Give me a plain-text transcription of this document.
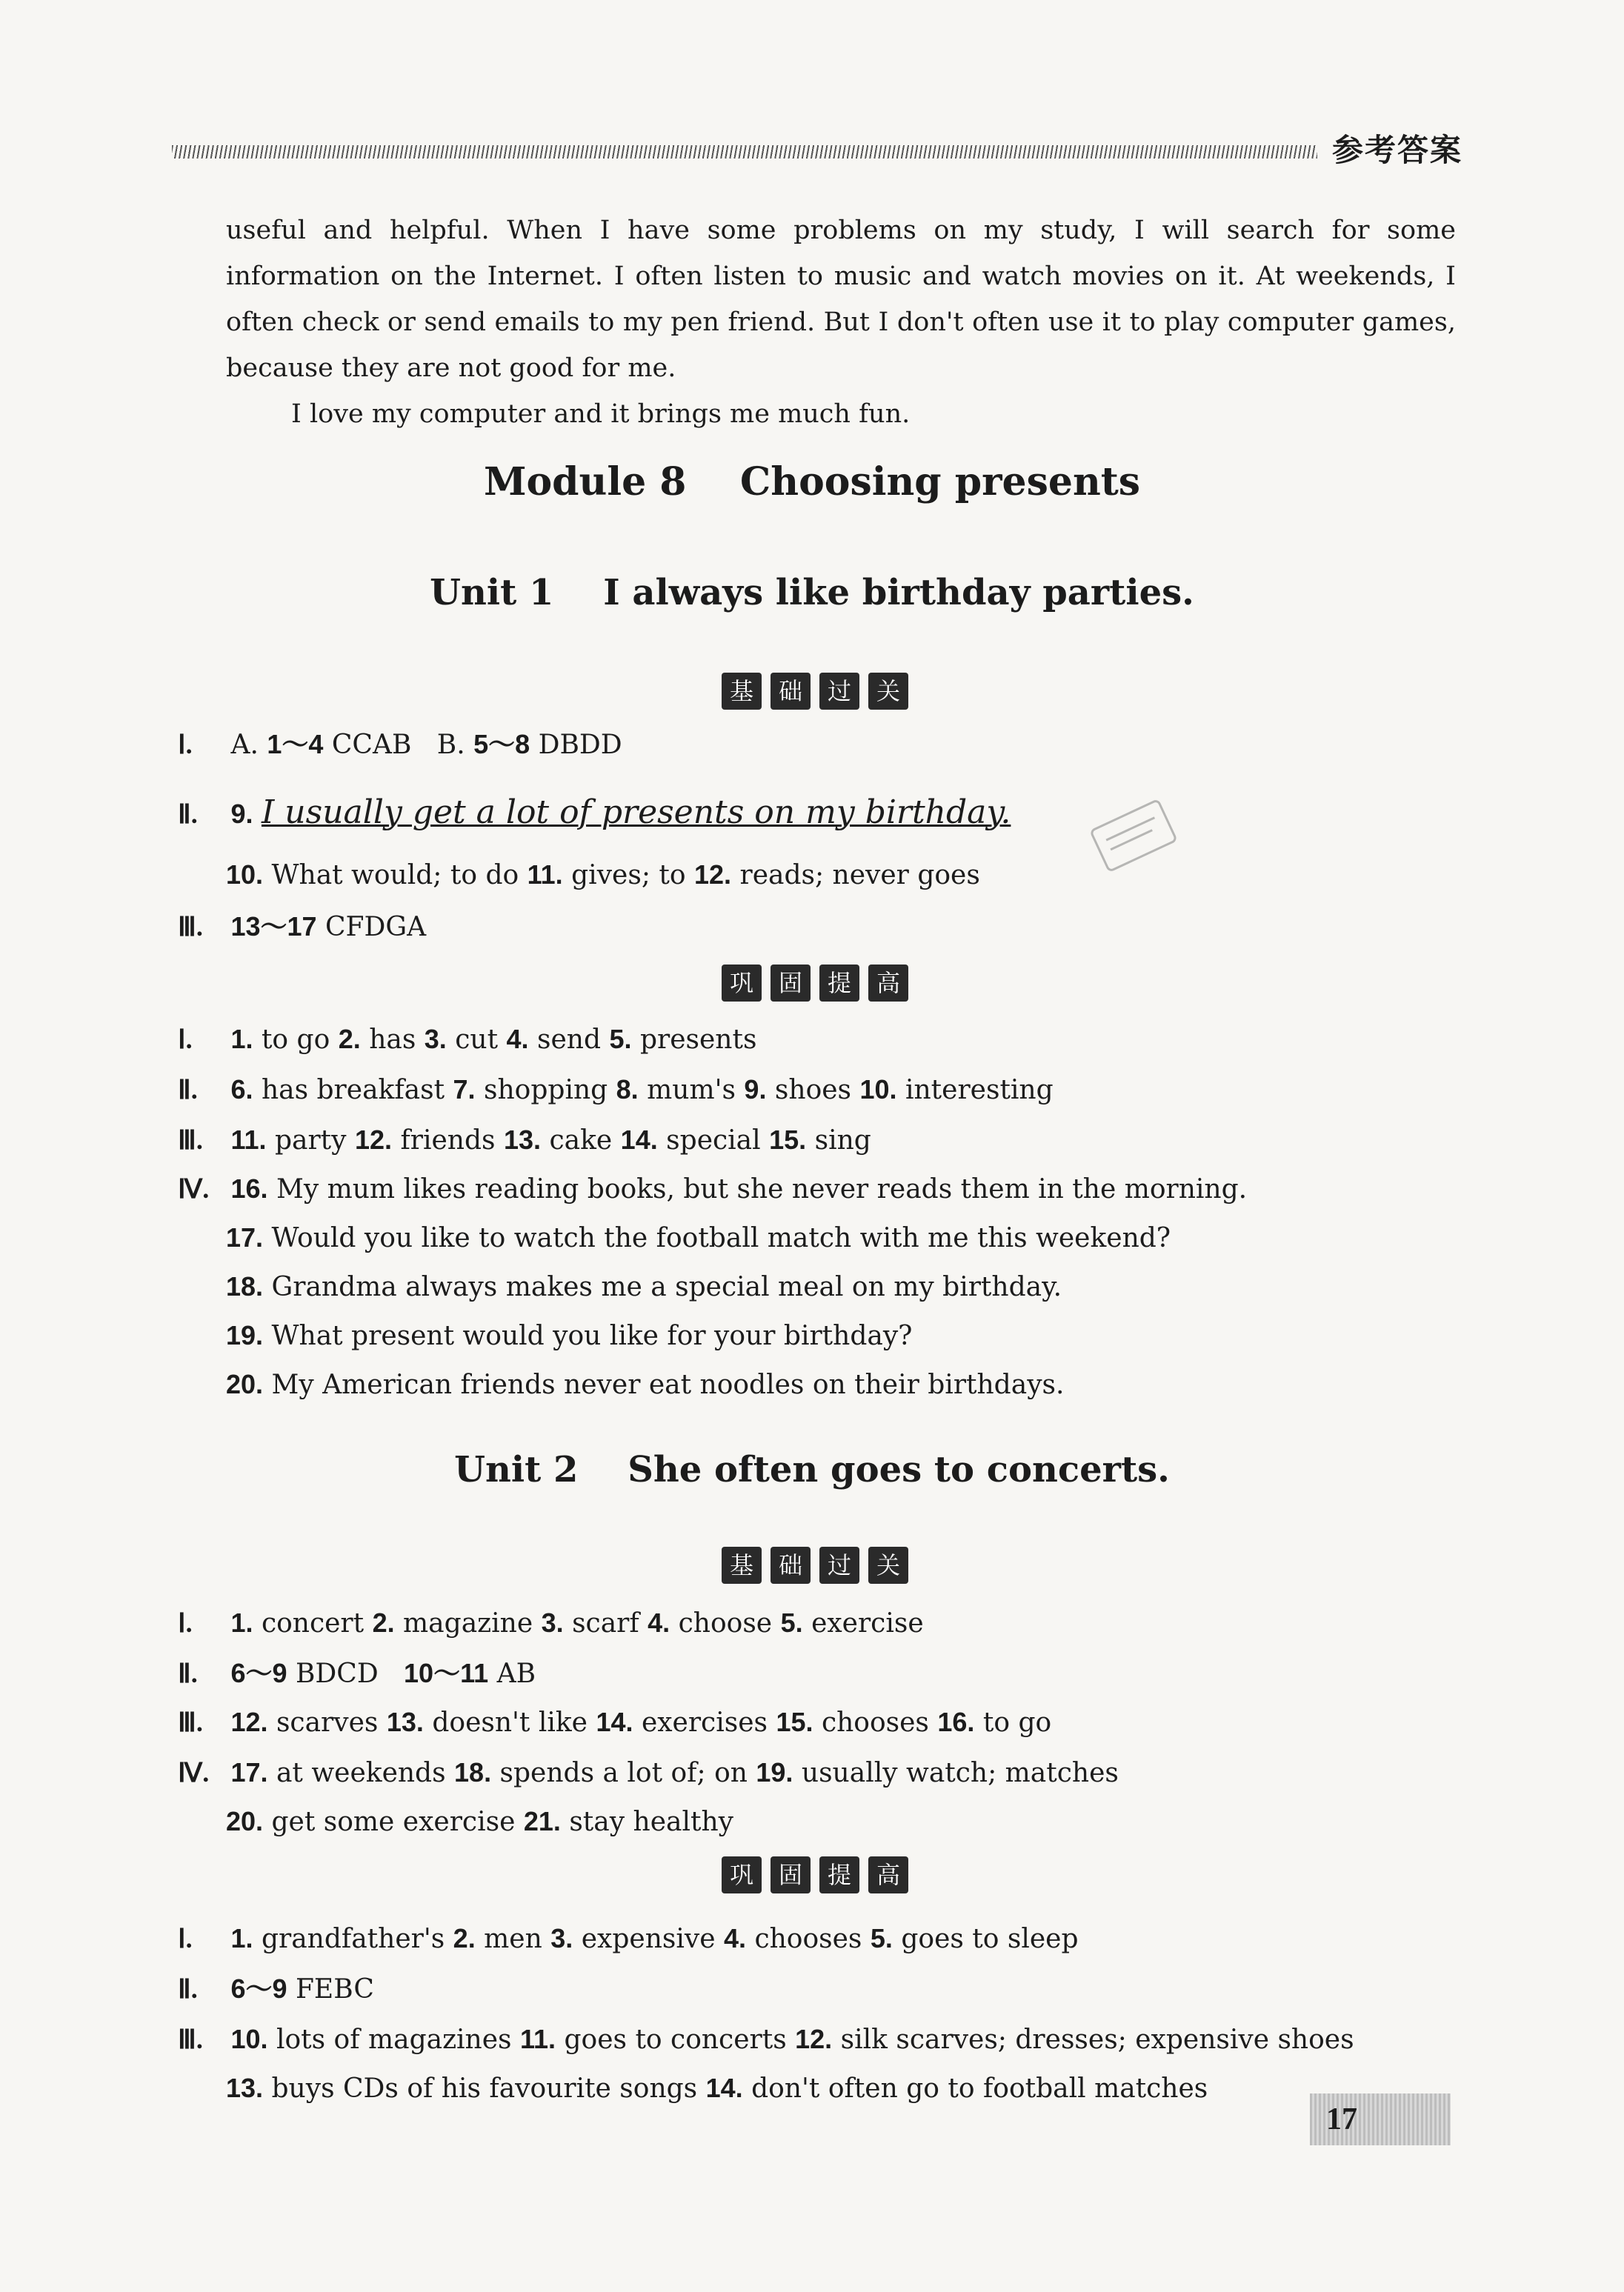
参考答案
useful and helpful. When I have some problems on my study, I will search for some information on the Internet. I often listen to music and watch movies on it. At weekends, I often check or send emails to my pen friend. But I don't often use it to play computer games, because they are not good for me.
I love my computer and it brings me much fun.
Module 8    Choosing presents
Unit 1    I always like birthday parties.
基	础	过	关
Ⅰ. A. 1～4 CCAB B. 5～8 DBDD
Ⅱ. 9. I usually get a lot of presents on my birthday.
10. What would; to do 11. gives; to 12. reads; never goes
Ⅲ. 13～17 CFDGA
巩	固	提	高
Ⅰ. 1. to go 2. has 3. cut 4. send 5. presents
Ⅱ. 6. has breakfast 7. shopping 8. mum's 9. shoes 10. interesting
Ⅲ. 11. party 12. friends 13. cake 14. special 15. sing
Ⅳ. 16. My mum likes reading books, but she never reads them in the morning.
17. Would you like to watch the football match with me this weekend?
18. Grandma always makes me a special meal on my birthday.
19. What present would you like for your birthday?
20. My American friends never eat noodles on their birthdays.
Unit 2    She often goes to concerts.
基	础	过	关
Ⅰ. 1. concert 2. magazine 3. scarf 4. choose 5. exercise
Ⅱ. 6～9 BDCD 10～11 AB
Ⅲ. 12. scarves 13. doesn't like 14. exercises 15. chooses 16. to go
Ⅳ. 17. at weekends 18. spends a lot of; on 19. usually watch; matches
20. get some exercise 21. stay healthy
巩	固	提	高
Ⅰ. 1. grandfather's 2. men 3. expensive 4. chooses 5. goes to sleep
Ⅱ. 6～9 FEBC
Ⅲ. 10. lots of magazines 11. goes to concerts 12. silk scarves; dresses; expensive shoes
13. buys CDs of his favourite songs 14. don't often go to football matches
17
